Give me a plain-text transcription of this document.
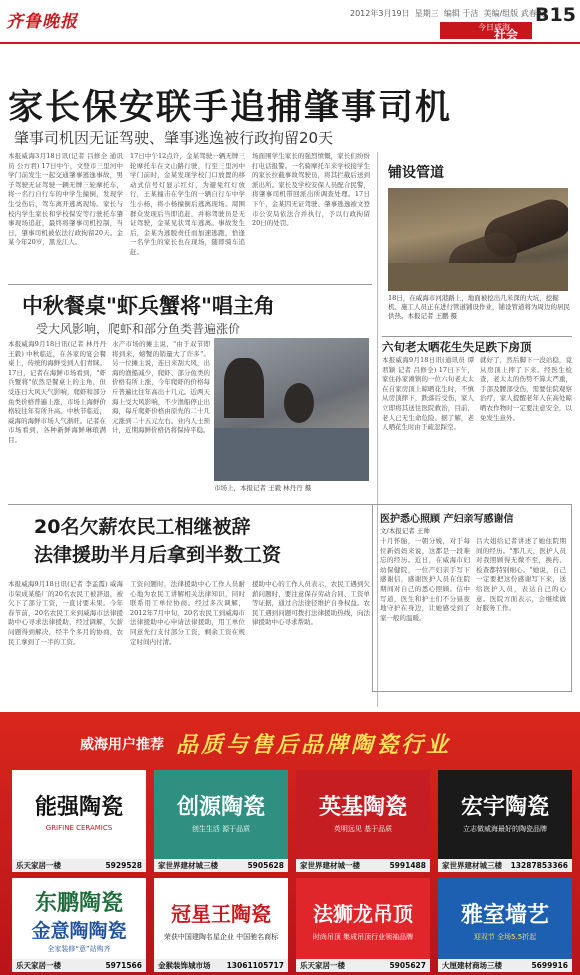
齐鲁晚报	2012年3月19日 星期三 编辑 于洁 美编/组版 武春茂
B15
今日威海
社会
家长保安联手追捕肇事司机
肇事司机因无证驾驶、肇事逃逸被行政拘留20天
本报威海3月18日讯(记者 吕修全 通讯员 公方君) 17日中午，文登市三里河中学门前发生一起交通肇事逃逸事故，男子驾驶无证驾驶一辆无牌三轮摩托车，将一名行自行车的中学生撞倒，发现学生受伤后，驾车离开逃离现场。家长与校内学生家长和学校保安等行驶托车肇事现场追赶，最终将肇事司机控制，当日，肇事司机被依法行政拘留20天。金某今年20岁，黑龙江人。
17日中午12点许，金某驾驶一辆无牌三轮摩托车在文山路行驶，行至三里河中学门前时，金某发现学校门口放置的移动式信号灯显示红灯，为避免红灯放行，王某撞击在学生的一辆自行车中学生小杨，将小杨撞倒后逃离现场。周围群众发现后当即追赶，并称驾驶员是无证驾驶，金某见状驾车逃离。事故发生后，金某为逃脱责任而加速逃跑，恰逢一名学生的家长也在现场，随即骑车追赶。
场面围学生家长的强烈愤慨，家长们纷纷打电话报警。一名骑摩托车来学校接学生的家长拉截事故驾驶员，将其拦截后送到派出所。家长及学校安保人员配合民警，将肇事司机带回派出所调查处理。17日下午，金某因无证驾驶、肇事逃逸被文登市公安局依法合并执行，予以行政拘留20日的处罚。
铺设管道
18日，在威海市河港路上，地面被挖出几米深的大坑，挖掘机、施工人员正在进行管道铺设作业，铺设管道将为周边的居民供热。本报记者 王鹏 摄
中秋餐桌"虾兵蟹将"唱主角
受大风影响，爬虾和部分鱼类普遍涨价
本报威海9月18日讯(记者 林丹丹 王毅) 中秋临近，在各家的宴会餐桌上，传统的海鲜受到人们青睐。17日，记者在海鲜市场看到，"虾兵蟹将"依然是餐桌上的主角，但受连日大风天气影响，爬虾和部分鱼类价格普遍上涨，市场上海鲜价格较往年有所升高。中秋节临近，威海的海鲜市场人气渐旺。记者在市场看到，各种新鲜海鲜琳琅满目。
水产市场的摊主说，"由于双节即将到来，螃蟹的销量大了许多"。另一位摊主说，连日来刮大风，出海的渔船减少，爬虾、部分鱼类的价格有所上涨，今年爬虾的价格每斤普遍比往年高出十几元。近两天海上受大风影响，不少渔船停止出海，每斤爬虾价格由原先的二十几元涨到二十五元左右。业内人士预计，近期海鲜价格仍将保持平稳。
市场上，本报记者 王毅 林丹丹 摄
六旬老太晒花生失足跌下房顶
本报威海9月18日讯(通讯员 谭君颖 记者 吕修全) 17日下午，家住孙家滩镇的一位六旬老太太在自家房顶上晾晒花生时，不慎从房顶摔下，跌落后受伤，家人立即将其送往医院救治，目前，老人已无生命危险。据了解，老人晒花生时由于疏忽踩空。
就好了，然后脚下一没站稳，竟从房顶上摔了下来。经医生检查，老太太的伤势不算太严重，手部及腰部受伤，需要住院观察治疗，家人提醒老年人在高处晾晒农作物时一定要注意安全，以免发生意外。
医护悉心照顾 产妇亲写感谢信
文/本报记者 王帅
十月怀胎，一朝分娩，对于每位新妈妈来说，这都是一段难忘的经历。近日，在威海市妇幼保健院，一位产妇亲手写下感谢信，感谢医护人员在住院期间对自己的悉心照顾。信中写道，医生和护士们不分昼夜地守护在身边，让她感受到了家一般的温暖。
吕大姐给记者讲述了她住院期间的经历。"那几天，医护人员对我照顾得无微不至，换药、检查都特别细心。"她说，自己一定要把这份感谢写下来，送给医护人员，表达自己的心意。医院方面表示，会继续做好服务工作。
20名欠薪农民工相继被辞
法律援助半月后拿到半数工资
本报威海9月18日讯(记者 李孟霞) 威海市荣成某船厂的20名农民工被辞退，被欠下了部分工资，一直讨要未果。今年春节前，20名农民工来到威海市法律援助中心寻求法律援助，经过调解，欠薪问题得到解决，经半个多月的协商，农民工拿到了一半的工资。
工资问题时，法律援助中心工作人员耐心地为农民工讲解相关法律知识，同时联系用工单位协商。经过多次调解，2012年7月中旬，20名农民工到威海市法律援助中心申请法律援助，用工单位同意先行支付部分工资，剩余工资在规定时间内付清。
援助中心的工作人员表示，农民工遇到欠薪问题时，要注意保存劳动合同、工资单等证据，通过合法途径维护自身权益。农民工遇到问题可拨打法律援助热线，向法律援助中心寻求帮助。
威海用户推荐 品质与售后品牌陶瓷行业
能强陶瓷
GRIFINE CERAMICS
乐天家居一楼	5929528
创源陶瓷
创生生活 源于品质
家世界建材城三楼	5905628
英基陶瓷
英明远见 基于品质
家世界建材城一楼	5991488
宏宇陶瓷
立志做威海最好的陶瓷品牌
家世界建材城三楼 13287853366
东鹏陶瓷
金意陶陶瓷
全家装修“意”站购齐
乐天家居一楼	5971566
冠星王陶瓷
荣获中国建陶名星企业 中国驰名商标
金猴装饰城市场 13061105717
法狮龙吊顶
时尚吊顶 集成吊顶行业领袖品牌
乐天家居一楼	5905627
雅室墙艺
迎双节 全场5.5折起
大厘建材商场三楼	5699916
